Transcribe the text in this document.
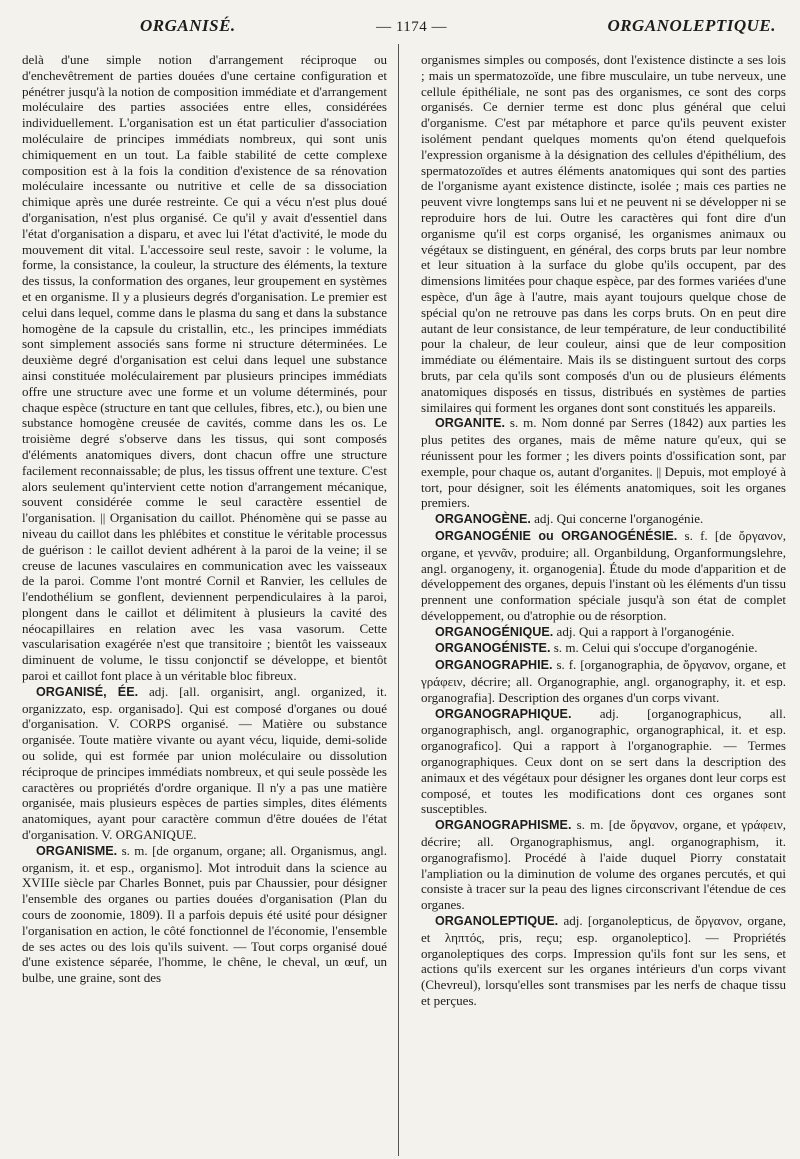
ORGANISÉ.	— 1174 —	ORGANOLEPTIQUE.

delà d'une simple notion d'arrangement réciproque ou d'enchevêtrement de parties douées d'une certaine configuration et pénétrer jusqu'à la notion de composition immédiate et d'arrangement moléculaire des parties associées entre elles, considérées individuellement. L'organisation est un état particulier d'association moléculaire de principes immédiats nombreux, qui sont unis chimiquement en un tout. La faible stabilité de cette complexe composition est à la fois la condition d'existence de sa rénovation moléculaire incessante ou nutritive et celle de sa dissociation chimique après une durée restreinte. Ce qui a vécu n'est plus doué d'organisation, n'est plus organisé. Ce qu'il y avait d'essentiel dans l'état d'organisation a disparu, et avec lui l'état d'activité, le mode du mouvement dit vital. L'accessoire seul reste, savoir : le volume, la forme, la consistance, la couleur, la structure des éléments, la texture des tissus, la conformation des organes, leur groupement en systèmes et en organisme. Il y a plusieurs degrés d'organisation. Le premier est celui dans lequel, comme dans le plasma du sang et dans la substance homogène de la capsule du cristallin, etc., les principes immédiats sont simplement associés sans forme ni structure déterminées. Le deuxième degré d'organisation est celui dans lequel une substance ainsi constituée moléculairement par plusieurs principes immédiats offre une structure avec une forme et un volume déterminés, pour chaque espèce (structure en tant que cellules, fibres, etc.), ou bien une substance homogène creusée de cavités, comme dans les os. Le troisième degré s'observe dans les tissus, qui sont composés d'éléments anatomiques divers, dont chacun offre une structure facilement reconnaissable; de plus, les tissus offrent une texture. C'est alors seulement qu'intervient cette notion d'arrangement mécanique, souvent considérée comme le seul caractère essentiel de l'organisation. || Organisation du caillot. Phénomène qui se passe au niveau du caillot dans les phlébites et constitue le véritable processus de guérison : le caillot devient adhérent à la paroi de la veine; il se creuse de lacunes vasculaires en communication avec les vaisseaux de la paroi. Comme l'ont montré Cornil et Ranvier, les cellules de l'endothélium se gonflent, deviennent perpendiculaires à la paroi, plongent dans le caillot et délimitent à plusieurs la cavité des néocapillaires en relation avec les vasa vasorum. Cette vascularisation exagérée n'est que transitoire ; bientôt les vaisseaux diminuent de volume, le tissu conjonctif se développe, et bientôt paroi et caillot font place à un véritable bloc fibreux.

ORGANISÉ, ÉE. adj. [all. organisirt, angl. organized, it. organizzato, esp. organisado]. Qui est composé d'organes ou doué d'organisation. V. CORPS organisé. — Matière ou substance organisée. Toute matière vivante ou ayant vécu, liquide, demi-solide ou solide, qui est formée par union moléculaire ou dissolution réciproque de principes immédiats nombreux, et qui seule possède les caractères ou propriétés d'ordre organique. Il n'y a pas une matière organisée, mais plusieurs espèces de parties simples, dites éléments anatomiques, ayant pour caractère commun d'être douées de l'état d'organisation. V. ORGANIQUE.

ORGANISME. s. m. [de organum, organe; all. Organismus, angl. organism, it. et esp., organismo]. Mot introduit dans la science au XVIIIe siècle par Charles Bonnet, puis par Chaussier, pour désigner l'ensemble des organes ou parties douées d'organisation (Plan du cours de zoonomie, 1809). Il a parfois depuis été usité pour désigner l'organisation en action, le côté fonctionnel de l'économie, l'ensemble de ses actes ou des lois qu'ils suivent. — Tout corps organisé doué d'une existence séparée, l'homme, le chêne, le cheval, un œuf, un bulbe, une graine, sont des

organismes simples ou composés, dont l'existence distincte a ses lois ; mais un spermatozoïde, une fibre musculaire, un tube nerveux, une cellule épithéliale, ne sont pas des organismes, ce sont des corps organisés. Ce dernier terme est donc plus général que celui d'organisme. C'est par métaphore et parce qu'ils peuvent exister isolément pendant quelques moments qu'on étend quelquefois l'expression organisme à la désignation des cellules d'épithélium, des spermatozoïdes et autres éléments anatomiques qui sont des parties de l'organisme ayant existence distincte, isolée ; mais ces parties ne peuvent vivre longtemps sans lui et ne peuvent ni se développer ni se reproduire hors de lui. Outre les caractères qui font dire d'un organisme qu'il est corps organisé, les organismes animaux ou végétaux se distinguent, en général, des corps bruts par leur nombre et leur situation à la surface du globe qu'ils occupent, par des dimensions limitées pour chaque espèce, par des formes variées d'une espèce, d'un âge à l'autre, mais ayant toujours quelque chose de spécial qu'on ne retrouve pas dans les corps bruts. On en peut dire autant de leur consistance, de leur température, de leur conductibilité pour la chaleur, de leur couleur, ainsi que de leur composition immédiate ou élémentaire. Mais ils se distinguent surtout des corps bruts, par cela qu'ils sont composés d'un ou de plusieurs éléments anatomiques disposés en tissus, distribués en systèmes de parties similaires qui forment les organes dont sont constitués les appareils.

ORGANITE. s. m. Nom donné par Serres (1842) aux parties les plus petites des organes, mais de même nature qu'eux, qui se réunissent pour les former ; les divers points d'ossification sont, par exemple, pour chaque os, autant d'organites. || Depuis, mot employé à tort, pour désigner, soit les éléments anatomiques, soit les organes premiers.

ORGANOGÈNE. adj. Qui concerne l'organogénie.

ORGANOGÉNIE ou ORGANOGÉNÉSIE. s. f. [de ὄργανον, organe, et γεννᾶν, produire; all. Organbildung, Organformungslehre, angl. organogeny, it. organogenia]. Étude du mode d'apparition et de développement des organes, depuis l'instant où les éléments d'un tissu prennent une conformation spéciale jusqu'à son état de complet développement, ou d'atrophie ou de résorption.

ORGANOGÉNIQUE. adj. Qui a rapport à l'organogénie.

ORGANOGÉNISTE. s. m. Celui qui s'occupe d'organogénie.

ORGANOGRAPHIE. s. f. [organographia, de ὄργανον, organe, et γράφειν, décrire; all. Organographie, angl. organography, it. et esp. organografia]. Description des organes d'un corps vivant.

ORGANOGRAPHIQUE. adj. [organographicus, all. organographisch, angl. organographic, organographical, it. et esp. organografico]. Qui a rapport à l'organographie. — Termes organographiques. Ceux dont on se sert dans la description des animaux et des végétaux pour désigner les organes dont leur corps est composé, et toutes les modifications dont ces organes sont susceptibles.

ORGANOGRAPHISME. s. m. [de ὄργανον, organe, et γράφειν, décrire; all. Organographismus, angl. organographism, it. organografismo]. Procédé à l'aide duquel Piorry constatait l'ampliation ou la diminution de volume des organes percutés, et qui consiste à tracer sur la peau des lignes circonscrivant l'étendue de ces organes.

ORGANOLEPTIQUE. adj. [organolepticus, de ὄργανον, organe, et ληπτός, pris, reçu; esp. organoleptico]. — Propriétés organoleptiques des corps. Impression qu'ils font sur les sens, et actions qu'ils exercent sur les organes intérieurs d'un corps vivant (Chevreul), lorsqu'elles sont transmises par les nerfs de chaque tissu et perçues.
